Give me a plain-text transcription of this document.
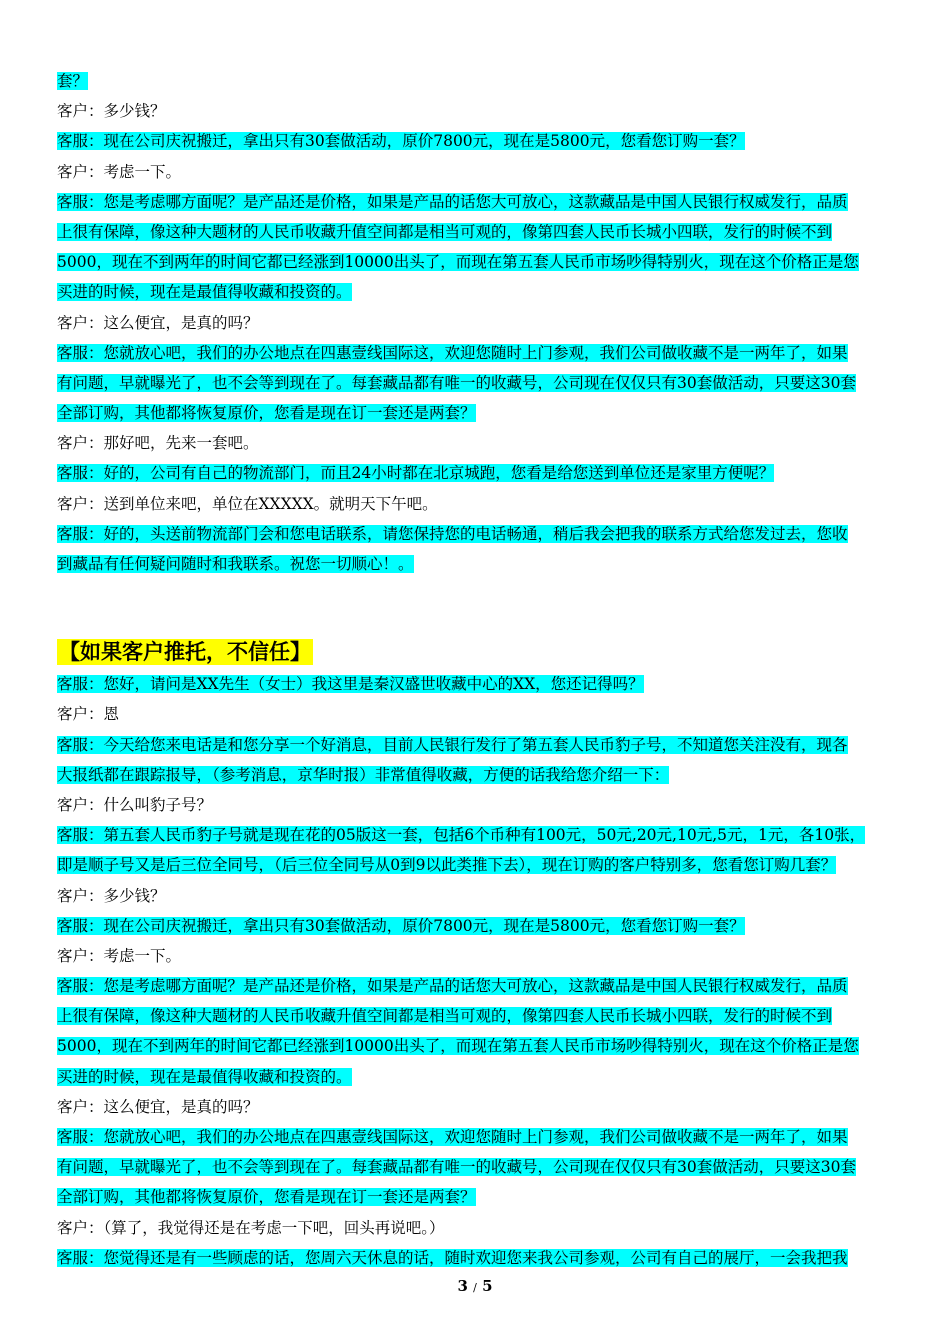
套？

客户：多少钱？

客服：现在公司庆祝搬迁，拿出只有30套做活动，原价7800元，现在是5800元，您看您订购一套？

客户：考虑一下。

客服：您是考虑哪方面呢？是产品还是价格，如果是产品的话您大可放心，这款藏品是中国人民银行权威发行，品质

上很有保障，像这种大题材的人民币收藏升值空间都是相当可观的，像第四套人民币长城小四联，发行的时候不到

5000，现在不到两年的时间它都已经涨到10000出头了，而现在第五套人民币市场吵得特别火，现在这个价格正是您

买进的时候，现在是最值得收藏和投资的。

客户：这么便宜，是真的吗？

客服：您就放心吧，我们的办公地点在四惠壹线国际这，欢迎您随时上门参观，我们公司做收藏不是一两年了，如果

有问题，早就曝光了，也不会等到现在了。每套藏品都有唯一的收藏号，公司现在仅仅只有30套做活动，只要这30套

全部订购，其他都将恢复原价，您看是现在订一套还是两套？

客户：那好吧，先来一套吧。

客服：好的，公司有自己的物流部门，而且24小时都在北京城跑，您看是给您送到单位还是家里方便呢？

客户：送到单位来吧，单位在XXXXX。就明天下午吧。

客服：好的，头送前物流部门会和您电话联系，请您保持您的电话畅通，稍后我会把我的联系方式给您发过去，您收

到藏品有任何疑问随时和我联系。祝您一切顺心！。

【如果客户推托，不信任】

客服：您好，请问是XX先生（女士）我这里是秦汉盛世收藏中心的XX，您还记得吗？

客户：恩

客服：今天给您来电话是和您分享一个好消息，目前人民银行发行了第五套人民币豹子号，不知道您关注没有，现各

大报纸都在跟踪报导，（参考消息，京华时报）非常值得收藏，方便的话我给您介绍一下：

客户：什么叫豹子号？

客服：第五套人民币豹子号就是现在花的05版这一套，包括6个币种有100元，50元,20元,10元,5元，1元，各10张，

即是顺子号又是后三位全同号，（后三位全同号从0到9以此类推下去），现在订购的客户特别多，您看您订购几套？

客户：多少钱？

客服：现在公司庆祝搬迁，拿出只有30套做活动，原价7800元，现在是5800元，您看您订购一套？

客户：考虑一下。

客服：您是考虑哪方面呢？是产品还是价格，如果是产品的话您大可放心，这款藏品是中国人民银行权威发行，品质

上很有保障，像这种大题材的人民币收藏升值空间都是相当可观的，像第四套人民币长城小四联，发行的时候不到

5000，现在不到两年的时间它都已经涨到10000出头了，而现在第五套人民币市场吵得特别火，现在这个价格正是您

买进的时候，现在是最值得收藏和投资的。

客户：这么便宜，是真的吗？

客服：您就放心吧，我们的办公地点在四惠壹线国际这，欢迎您随时上门参观，我们公司做收藏不是一两年了，如果

有问题，早就曝光了，也不会等到现在了。每套藏品都有唯一的收藏号，公司现在仅仅只有30套做活动，只要这30套

全部订购，其他都将恢复原价，您看是现在订一套还是两套？

客户：（算了，我觉得还是在考虑一下吧，回头再说吧。）

客服：您觉得还是有一些顾虑的话，您周六天休息的话，随时欢迎您来我公司参观，公司有自己的展厅，一会我把我

3 / 5
